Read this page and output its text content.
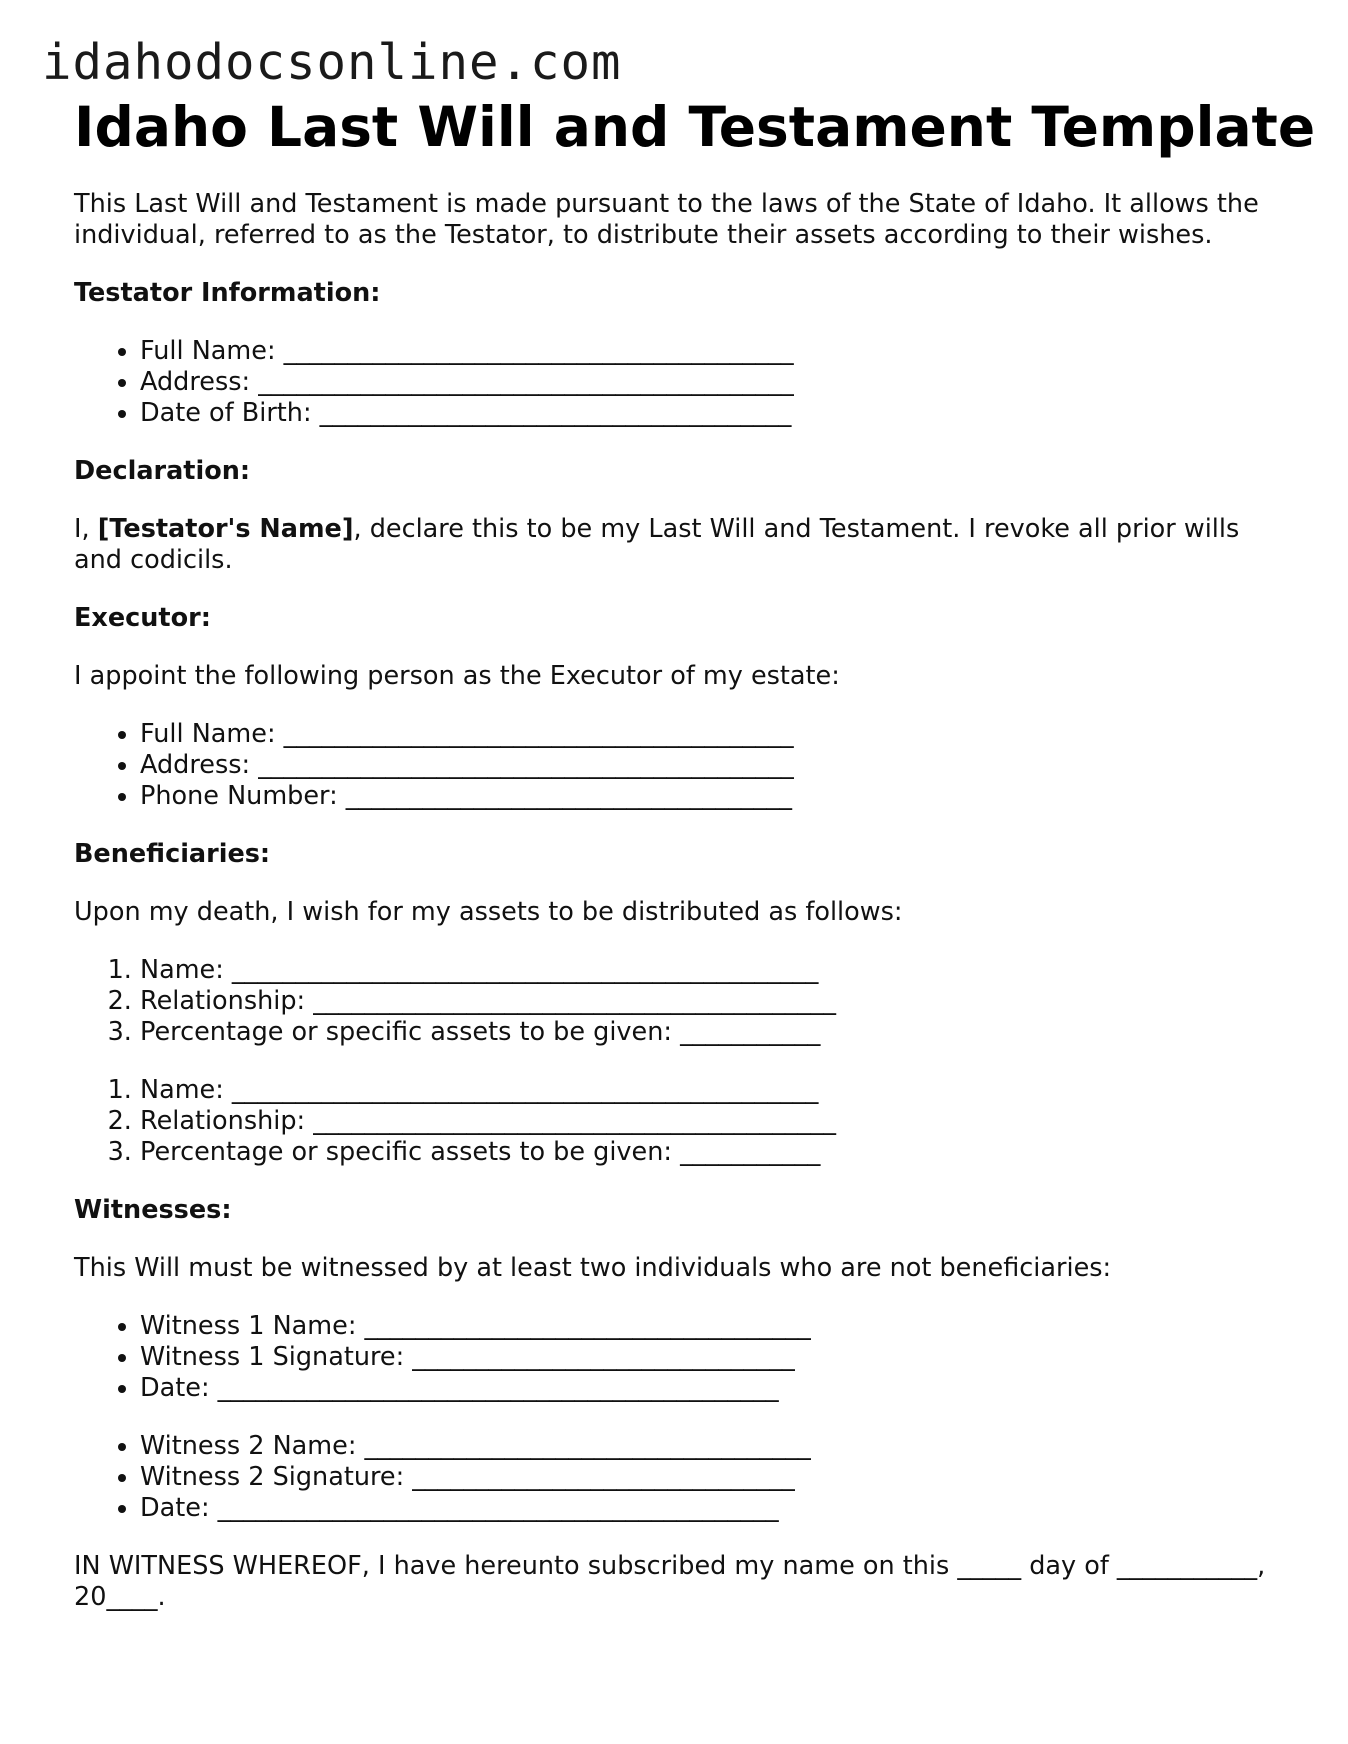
idahodocsonline.com
Idaho Last Will and Testament Template

This Last Will and Testament is made pursuant to the laws of the State of Idaho. It allows the individual, referred to as the Testator, to distribute their assets according to their wishes.

Testator Information:

• Full Name: ________________________________________
• Address: __________________________________________
• Date of Birth: _____________________________________

Declaration:

I, [Testator's Name], declare this to be my Last Will and Testament. I revoke all prior wills and codicils.

Executor:

I appoint the following person as the Executor of my estate:

• Full Name: ________________________________________
• Address: __________________________________________
• Phone Number: ___________________________________

Beneficiaries:

Upon my death, I wish for my assets to be distributed as follows:

1. Name: ______________________________________________
2. Relationship: _________________________________________
3. Percentage or specific assets to be given: ___________
1. Name: ______________________________________________
2. Relationship: _________________________________________
3. Percentage or specific assets to be given: ___________

Witnesses:

This Will must be witnessed by at least two individuals who are not beneficiaries:

• Witness 1 Name: ___________________________________
• Witness 1 Signature: ______________________________
• Date: ____________________________________________
• Witness 2 Name: ___________________________________
• Witness 2 Signature: ______________________________
• Date: ____________________________________________

IN WITNESS WHEREOF, I have hereunto subscribed my name on this _____ day of ___________, 20____.
